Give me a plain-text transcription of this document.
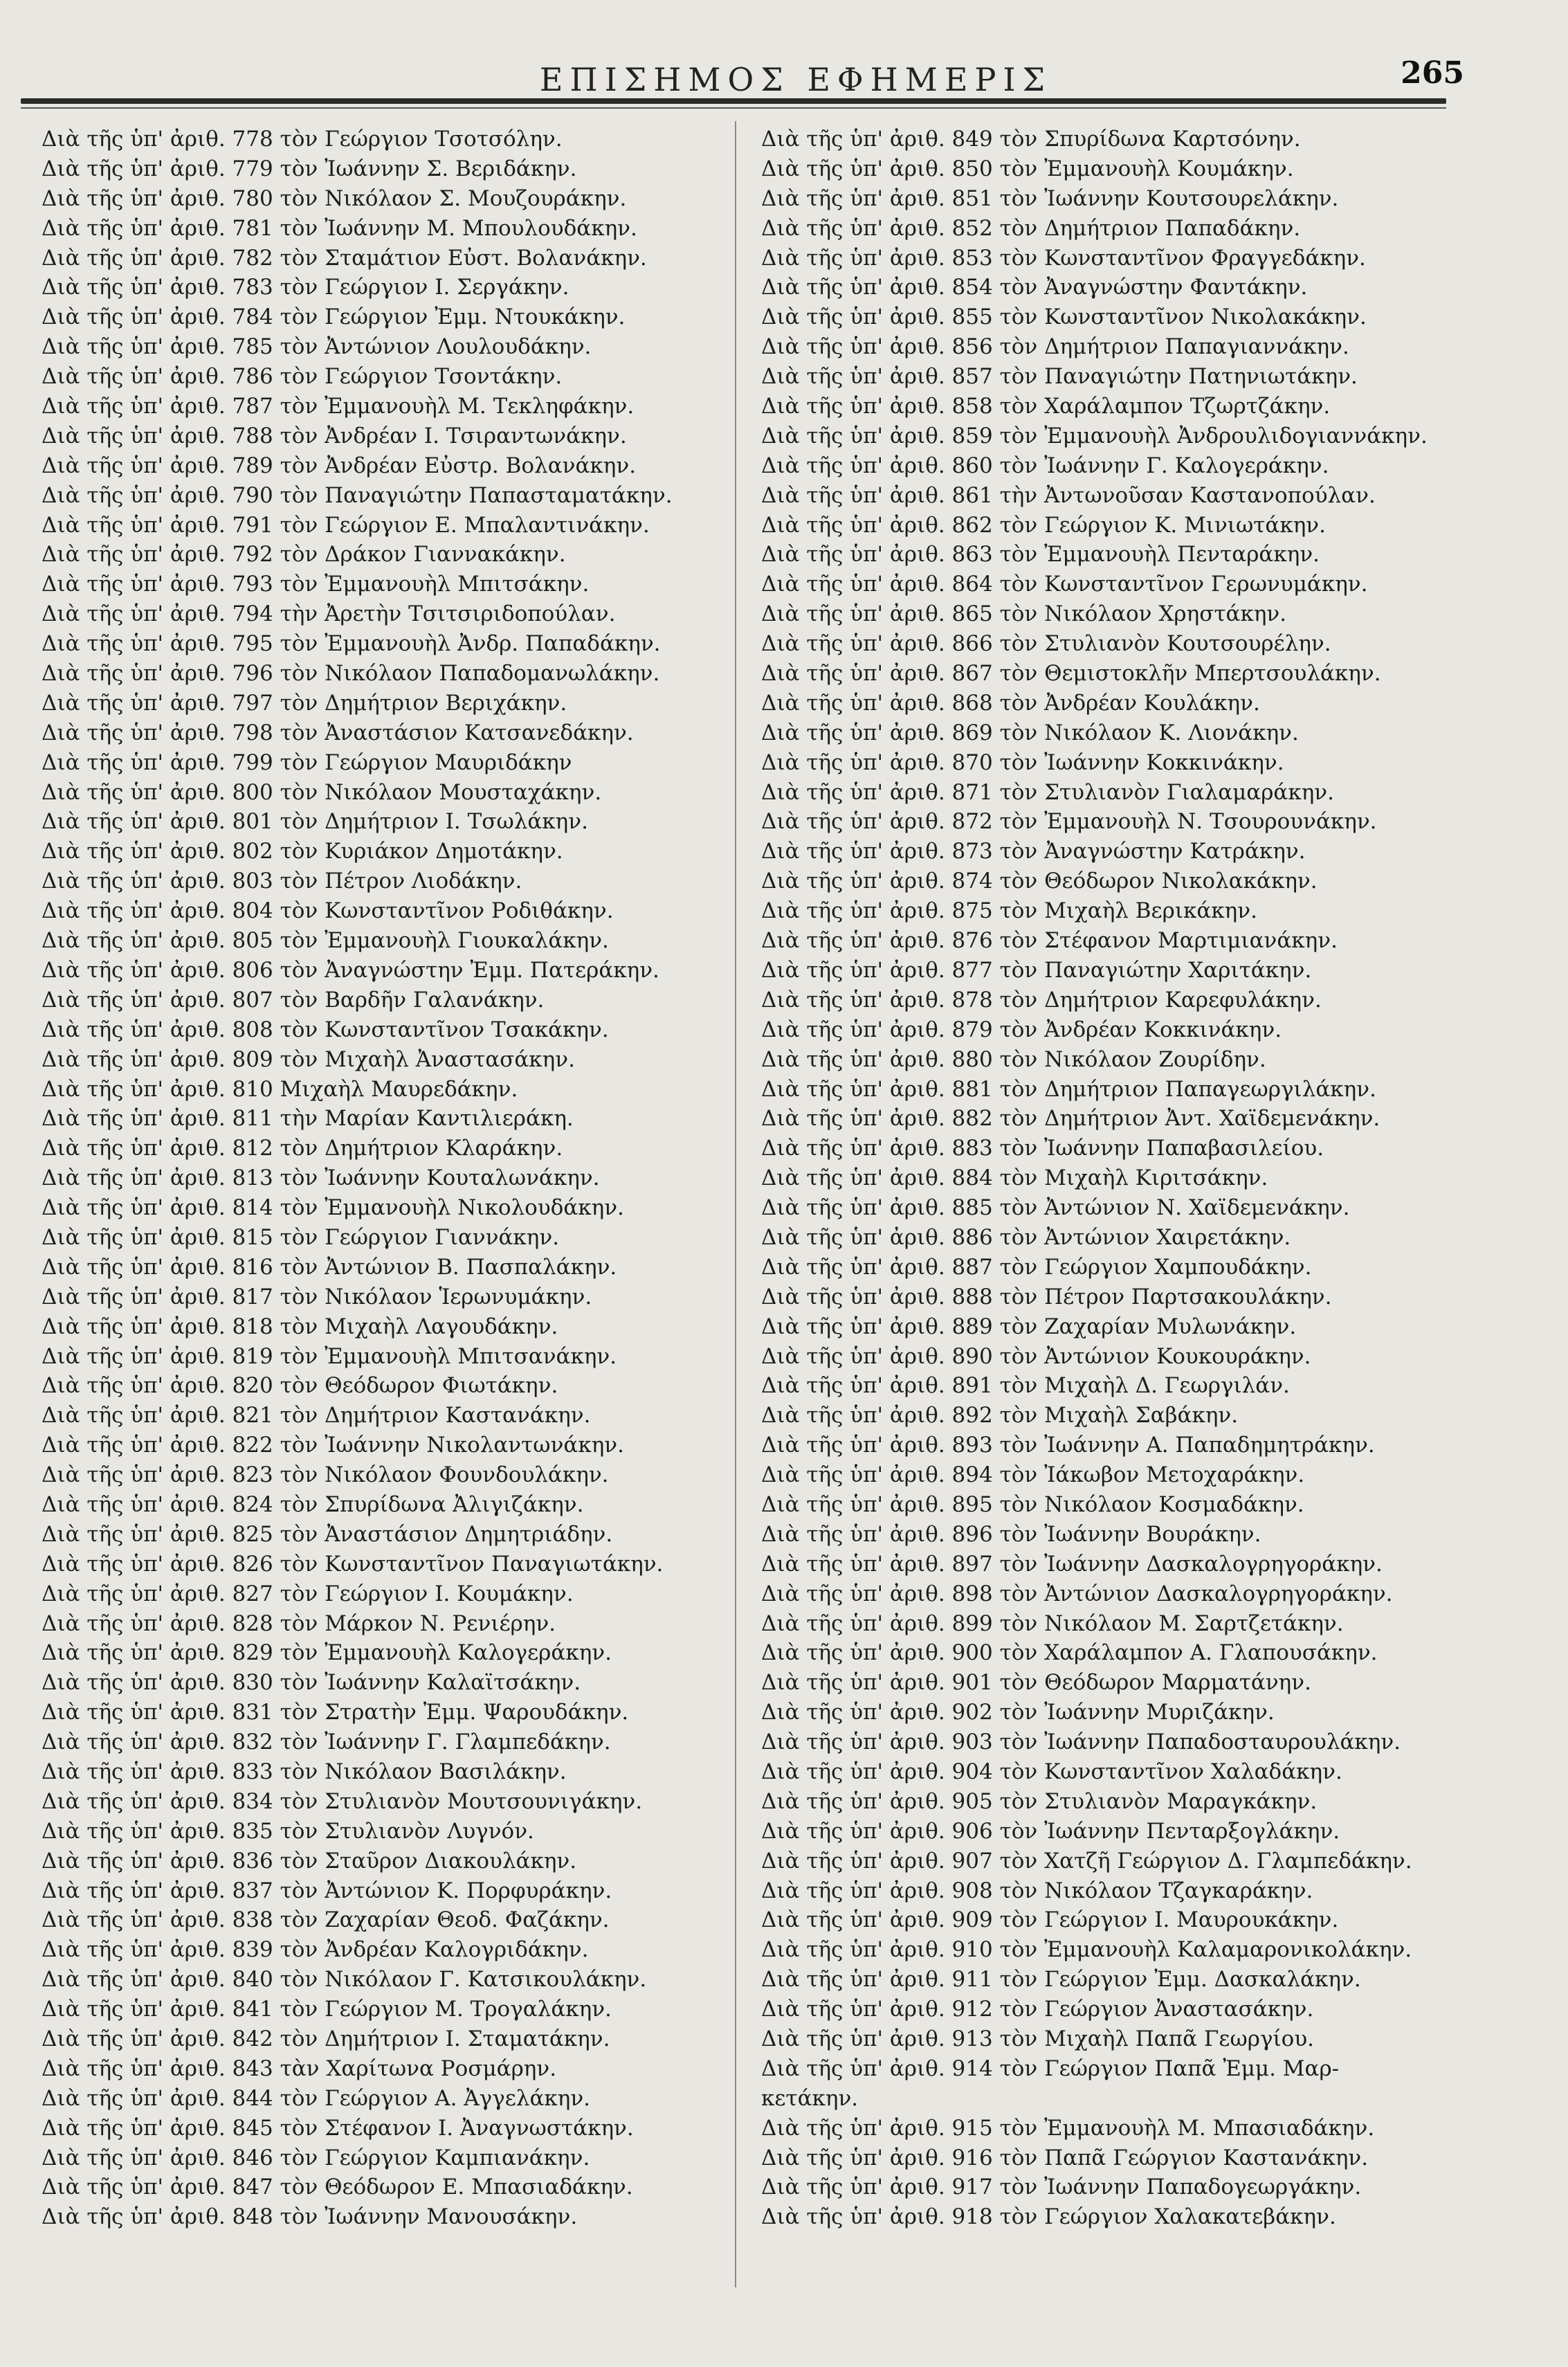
ΕΠΙΣΗΜΟΣ ΕΦΗΜΕΡΙΣ	265
Διὰ τῆς ὑπ' ἀριθ. 778 τὸν Γεώργιον Τσοτσόλην.
Διὰ τῆς ὑπ' ἀριθ. 779 τὸν Ἰωάννην Σ. Βεριδάκην.
Διὰ τῆς ὑπ' ἀριθ. 780 τὸν Νικόλαον Σ. Μουζουράκην.
Διὰ τῆς ὑπ' ἀριθ. 781 τὸν Ἰωάννην Μ. Μπουλουδάκην.
Διὰ τῆς ὑπ' ἀριθ. 782 τὸν Σταμάτιον Εὐστ. Βολανάκην.
Διὰ τῆς ὑπ' ἀριθ. 783 τὸν Γεώργιον Ι. Σεργάκην.
Διὰ τῆς ὑπ' ἀριθ. 784 τὸν Γεώργιον Ἐμμ. Ντουκάκην.
Διὰ τῆς ὑπ' ἀριθ. 785 τὸν Ἀντώνιον Λουλουδάκην.
Διὰ τῆς ὑπ' ἀριθ. 786 τὸν Γεώργιον Τσοντάκην.
Διὰ τῆς ὑπ' ἀριθ. 787 τὸν Ἐμμανουὴλ Μ. Τεκληφάκην.
Διὰ τῆς ὑπ' ἀριθ. 788 τὸν Ἀνδρέαν Ι. Τσιραντωνάκην.
Διὰ τῆς ὑπ' ἀριθ. 789 τὸν Ἀνδρέαν Εὐστρ. Βολανάκην.
Διὰ τῆς ὑπ' ἀριθ. 790 τὸν Παναγιώτην Παπασταματάκην.
Διὰ τῆς ὑπ' ἀριθ. 791 τὸν Γεώργιον Ε. Μπαλαντινάκην.
Διὰ τῆς ὑπ' ἀριθ. 792 τὸν Δράκον Γιαννακάκην.
Διὰ τῆς ὑπ' ἀριθ. 793 τὸν Ἐμμανουὴλ Μπιτσάκην.
Διὰ τῆς ὑπ' ἀριθ. 794 τὴν Ἀρετὴν Τσιτσιριδοπούλαν.
Διὰ τῆς ὑπ' ἀριθ. 795 τὸν Ἐμμανουὴλ Ἀνδρ. Παπαδάκην.
Διὰ τῆς ὑπ' ἀριθ. 796 τὸν Νικόλαον Παπαδομανωλάκην.
Διὰ τῆς ὑπ' ἀριθ. 797 τὸν Δημήτριον Βεριχάκην.
Διὰ τῆς ὑπ' ἀριθ. 798 τὸν Ἀναστάσιον Κατσανεδάκην.
Διὰ τῆς ὑπ' ἀριθ. 799 τὸν Γεώργιον Μαυριδάκην
Διὰ τῆς ὑπ' ἀριθ. 800 τὸν Νικόλαον Μουσταχάκην.
Διὰ τῆς ὑπ' ἀριθ. 801 τὸν Δημήτριον Ι. Τσωλάκην.
Διὰ τῆς ὑπ' ἀριθ. 802 τὸν Κυριάκον Δημοτάκην.
Διὰ τῆς ὑπ' ἀριθ. 803 τὸν Πέτρον Λιοδάκην.
Διὰ τῆς ὑπ' ἀριθ. 804 τὸν Κωνσταντῖνον Ροδιθάκην.
Διὰ τῆς ὑπ' ἀριθ. 805 τὸν Ἐμμανουὴλ Γιουκαλάκην.
Διὰ τῆς ὑπ' ἀριθ. 806 τὸν Ἀναγνώστην Ἐμμ. Πατεράκην.
Διὰ τῆς ὑπ' ἀριθ. 807 τὸν Βαρδῆν Γαλανάκην.
Διὰ τῆς ὑπ' ἀριθ. 808 τὸν Κωνσταντῖνον Τσακάκην.
Διὰ τῆς ὑπ' ἀριθ. 809 τὸν Μιχαὴλ Ἀναστασάκην.
Διὰ τῆς ὑπ' ἀριθ. 810 Μιχαὴλ Μαυρεδάκην.
Διὰ τῆς ὑπ' ἀριθ. 811 τὴν Μαρίαν Καντιλιεράκη.
Διὰ τῆς ὑπ' ἀριθ. 812 τὸν Δημήτριον Κλαράκην.
Διὰ τῆς ὑπ' ἀριθ. 813 τὸν Ἰωάννην Κουταλωνάκην.
Διὰ τῆς ὑπ' ἀριθ. 814 τὸν Ἐμμανουὴλ Νικολουδάκην.
Διὰ τῆς ὑπ' ἀριθ. 815 τὸν Γεώργιον Γιαννάκην.
Διὰ τῆς ὑπ' ἀριθ. 816 τὸν Ἀντώνιον Β. Πασπαλάκην.
Διὰ τῆς ὑπ' ἀριθ. 817 τὸν Νικόλαον Ἱερωνυμάκην.
Διὰ τῆς ὑπ' ἀριθ. 818 τὸν Μιχαὴλ Λαγουδάκην.
Διὰ τῆς ὑπ' ἀριθ. 819 τὸν Ἐμμανουὴλ Μπιτσανάκην.
Διὰ τῆς ὑπ' ἀριθ. 820 τὸν Θεόδωρον Φιωτάκην.
Διὰ τῆς ὑπ' ἀριθ. 821 τὸν Δημήτριον Καστανάκην.
Διὰ τῆς ὑπ' ἀριθ. 822 τὸν Ἰωάννην Νικολαντωνάκην.
Διὰ τῆς ὑπ' ἀριθ. 823 τὸν Νικόλαον Φουνδουλάκην.
Διὰ τῆς ὑπ' ἀριθ. 824 τὸν Σπυρίδωνα Ἀλιγιζάκην.
Διὰ τῆς ὑπ' ἀριθ. 825 τὸν Ἀναστάσιον Δημητριάδην.
Διὰ τῆς ὑπ' ἀριθ. 826 τὸν Κωνσταντῖνον Παναγιωτάκην.
Διὰ τῆς ὑπ' ἀριθ. 827 τὸν Γεώργιον Ι. Κουμάκην.
Διὰ τῆς ὑπ' ἀριθ. 828 τὸν Μάρκον Ν. Ρενιέρην.
Διὰ τῆς ὑπ' ἀριθ. 829 τὸν Ἐμμανουὴλ Καλογεράκην.
Διὰ τῆς ὑπ' ἀριθ. 830 τὸν Ἰωάννην Καλαϊτσάκην.
Διὰ τῆς ὑπ' ἀριθ. 831 τὸν Στρατὴν Ἐμμ. Ψαρουδάκην.
Διὰ τῆς ὑπ' ἀριθ. 832 τὸν Ἰωάννην Γ. Γλαμπεδάκην.
Διὰ τῆς ὑπ' ἀριθ. 833 τὸν Νικόλαον Βασιλάκην.
Διὰ τῆς ὑπ' ἀριθ. 834 τὸν Στυλιανὸν Μουτσουνιγάκην.
Διὰ τῆς ὑπ' ἀριθ. 835 τὸν Στυλιανὸν Λυγνόν.
Διὰ τῆς ὑπ' ἀριθ. 836 τὸν Σταῦρον Διακουλάκην.
Διὰ τῆς ὑπ' ἀριθ. 837 τὸν Ἀντώνιον Κ. Πορφυράκην.
Διὰ τῆς ὑπ' ἀριθ. 838 τὸν Ζαχαρίαν Θεοδ. Φαζάκην.
Διὰ τῆς ὑπ' ἀριθ. 839 τὸν Ἀνδρέαν Καλογριδάκην.
Διὰ τῆς ὑπ' ἀριθ. 840 τὸν Νικόλαον Γ. Κατσικουλάκην.
Διὰ τῆς ὑπ' ἀριθ. 841 τὸν Γεώργιον Μ. Τρογαλάκην.
Διὰ τῆς ὑπ' ἀριθ. 842 τὸν Δημήτριον Ι. Σταματάκην.
Διὰ τῆς ὑπ' ἀριθ. 843 τὰν Χαρίτωνα Ροσμάρην.
Διὰ τῆς ὑπ' ἀριθ. 844 τὸν Γεώργιον Α. Ἀγγελάκην.
Διὰ τῆς ὑπ' ἀριθ. 845 τὸν Στέφανον Ι. Ἀναγνωστάκην.
Διὰ τῆς ὑπ' ἀριθ. 846 τὸν Γεώργιον Καμπιανάκην.
Διὰ τῆς ὑπ' ἀριθ. 847 τὸν Θεόδωρον Ε. Μπασιαδάκην.
Διὰ τῆς ὑπ' ἀριθ. 848 τὸν Ἰωάννην Μανουσάκην.
Διὰ τῆς ὑπ' ἀριθ. 849 τὸν Σπυρίδωνα Καρτσόνην.
Διὰ τῆς ὑπ' ἀριθ. 850 τὸν Ἐμμανουὴλ Κουμάκην.
Διὰ τῆς ὑπ' ἀριθ. 851 τὸν Ἰωάννην Κουτσουρελάκην.
Διὰ τῆς ὑπ' ἀριθ. 852 τὸν Δημήτριον Παπαδάκην.
Διὰ τῆς ὑπ' ἀριθ. 853 τὸν Κωνσταντῖνον Φραγγεδάκην.
Διὰ τῆς ὑπ' ἀριθ. 854 τὸν Ἀναγνώστην Φαντάκην.
Διὰ τῆς ὑπ' ἀριθ. 855 τὸν Κωνσταντῖνον Νικολακάκην.
Διὰ τῆς ὑπ' ἀριθ. 856 τὸν Δημήτριον Παπαγιαννάκην.
Διὰ τῆς ὑπ' ἀριθ. 857 τὸν Παναγιώτην Πατηνιωτάκην.
Διὰ τῆς ὑπ' ἀριθ. 858 τὸν Χαράλαμπον Τζωρτζάκην.
Διὰ τῆς ὑπ' ἀριθ. 859 τὸν Ἐμμανουὴλ Ἀνδρουλιδογιαννάκην.
Διὰ τῆς ὑπ' ἀριθ. 860 τὸν Ἰωάννην Γ. Καλογεράκην.
Διὰ τῆς ὑπ' ἀριθ. 861 τὴν Ἀντωνοῦσαν Καστανοπούλαν.
Διὰ τῆς ὑπ' ἀριθ. 862 τὸν Γεώργιον Κ. Μινιωτάκην.
Διὰ τῆς ὑπ' ἀριθ. 863 τὸν Ἐμμανουὴλ Πενταράκην.
Διὰ τῆς ὑπ' ἀριθ. 864 τὸν Κωνσταντῖνον Γερωνυμάκην.
Διὰ τῆς ὑπ' ἀριθ. 865 τὸν Νικόλαον Χρηστάκην.
Διὰ τῆς ὑπ' ἀριθ. 866 τὸν Στυλιανὸν Κουτσουρέλην.
Διὰ τῆς ὑπ' ἀριθ. 867 τὸν Θεμιστοκλῆν Μπερτσουλάκην.
Διὰ τῆς ὑπ' ἀριθ. 868 τὸν Ἀνδρέαν Κουλάκην.
Διὰ τῆς ὑπ' ἀριθ. 869 τὸν Νικόλαον Κ. Λιονάκην.
Διὰ τῆς ὑπ' ἀριθ. 870 τὸν Ἰωάννην Κοκκινάκην.
Διὰ τῆς ὑπ' ἀριθ. 871 τὸν Στυλιανὸν Γιαλαμαράκην.
Διὰ τῆς ὑπ' ἀριθ. 872 τὸν Ἐμμανουὴλ Ν. Τσουρουνάκην.
Διὰ τῆς ὑπ' ἀριθ. 873 τὸν Ἀναγνώστην Κατράκην.
Διὰ τῆς ὑπ' ἀριθ. 874 τὸν Θεόδωρον Νικολακάκην.
Διὰ τῆς ὑπ' ἀριθ. 875 τὸν Μιχαὴλ Βερικάκην.
Διὰ τῆς ὑπ' ἀριθ. 876 τὸν Στέφανον Μαρτιμιανάκην.
Διὰ τῆς ὑπ' ἀριθ. 877 τὸν Παναγιώτην Χαριτάκην.
Διὰ τῆς ὑπ' ἀριθ. 878 τὸν Δημήτριον Καρεφυλάκην.
Διὰ τῆς ὑπ' ἀριθ. 879 τὸν Ἀνδρέαν Κοκκινάκην.
Διὰ τῆς ὑπ' ἀριθ. 880 τὸν Νικόλαον Ζουρίδην.
Διὰ τῆς ὑπ' ἀριθ. 881 τὸν Δημήτριον Παπαγεωργιλάκην.
Διὰ τῆς ὑπ' ἀριθ. 882 τὸν Δημήτριον Ἀντ. Χαϊδεμενάκην.
Διὰ τῆς ὑπ' ἀριθ. 883 τὸν Ἰωάννην Παπαβασιλείου.
Διὰ τῆς ὑπ' ἀριθ. 884 τὸν Μιχαὴλ Κιριτσάκην.
Διὰ τῆς ὑπ' ἀριθ. 885 τὸν Ἀντώνιον Ν. Χαϊδεμενάκην.
Διὰ τῆς ὑπ' ἀριθ. 886 τὸν Ἀντώνιον Χαιρετάκην.
Διὰ τῆς ὑπ' ἀριθ. 887 τὸν Γεώργιον Χαμπουδάκην.
Διὰ τῆς ὑπ' ἀριθ. 888 τὸν Πέτρον Παρτσακουλάκην.
Διὰ τῆς ὑπ' ἀριθ. 889 τὸν Ζαχαρίαν Μυλωνάκην.
Διὰ τῆς ὑπ' ἀριθ. 890 τὸν Ἀντώνιον Κουκουράκην.
Διὰ τῆς ὑπ' ἀριθ. 891 τὸν Μιχαὴλ Δ. Γεωργιλάν.
Διὰ τῆς ὑπ' ἀριθ. 892 τὸν Μιχαὴλ Σαβάκην.
Διὰ τῆς ὑπ' ἀριθ. 893 τὸν Ἰωάννην Α. Παπαδημητράκην.
Διὰ τῆς ὑπ' ἀριθ. 894 τὸν Ἰάκωβον Μετοχαράκην.
Διὰ τῆς ὑπ' ἀριθ. 895 τὸν Νικόλαον Κοσμαδάκην.
Διὰ τῆς ὑπ' ἀριθ. 896 τὸν Ἰωάννην Βουράκην.
Διὰ τῆς ὑπ' ἀριθ. 897 τὸν Ἰωάννην Δασκαλογρηγοράκην.
Διὰ τῆς ὑπ' ἀριθ. 898 τὸν Ἀντώνιον Δασκαλογρηγοράκην.
Διὰ τῆς ὑπ' ἀριθ. 899 τὸν Νικόλαον Μ. Σαρτζετάκην.
Διὰ τῆς ὑπ' ἀριθ. 900 τὸν Χαράλαμπον Α. Γλαπουσάκην.
Διὰ τῆς ὑπ' ἀριθ. 901 τὸν Θεόδωρον Μαρματάνην.
Διὰ τῆς ὑπ' ἀριθ. 902 τὸν Ἰωάννην Μυριζάκην.
Διὰ τῆς ὑπ' ἀριθ. 903 τὸν Ἰωάννην Παπαδοσταυρουλάκην.
Διὰ τῆς ὑπ' ἀριθ. 904 τὸν Κωνσταντῖνον Χαλαδάκην.
Διὰ τῆς ὑπ' ἀριθ. 905 τὸν Στυλιανὸν Μαραγκάκην.
Διὰ τῆς ὑπ' ἀριθ. 906 τὸν Ἰωάννην Πενταρξογλάκην.
Διὰ τῆς ὑπ' ἀριθ. 907 τὸν Χατζῆ Γεώργιον Δ. Γλαμπεδάκην.
Διὰ τῆς ὑπ' ἀριθ. 908 τὸν Νικόλαον Τζαγκαράκην.
Διὰ τῆς ὑπ' ἀριθ. 909 τὸν Γεώργιον Ι. Μαυρουκάκην.
Διὰ τῆς ὑπ' ἀριθ. 910 τὸν Ἐμμανουὴλ Καλαμαρονικολάκην.
Διὰ τῆς ὑπ' ἀριθ. 911 τὸν Γεώργιον Ἐμμ. Δασκαλάκην.
Διὰ τῆς ὑπ' ἀριθ. 912 τὸν Γεώργιον Ἀναστασάκην.
Διὰ τῆς ὑπ' ἀριθ. 913 τὸν Μιχαὴλ Παπᾶ Γεωργίου.
Διὰ τῆς ὑπ' ἀριθ. 914 τὸν Γεώργιον Παπᾶ Ἐμμ. Μαρ-
κετάκην.
Διὰ τῆς ὑπ' ἀριθ. 915 τὸν Ἐμμανουὴλ Μ. Μπασιαδάκην.
Διὰ τῆς ὑπ' ἀριθ. 916 τὸν Παπᾶ Γεώργιον Καστανάκην.
Διὰ τῆς ὑπ' ἀριθ. 917 τὸν Ἰωάννην Παπαδογεωργάκην.
Διὰ τῆς ὑπ' ἀριθ. 918 τὸν Γεώργιον Χαλακατεβάκην.
